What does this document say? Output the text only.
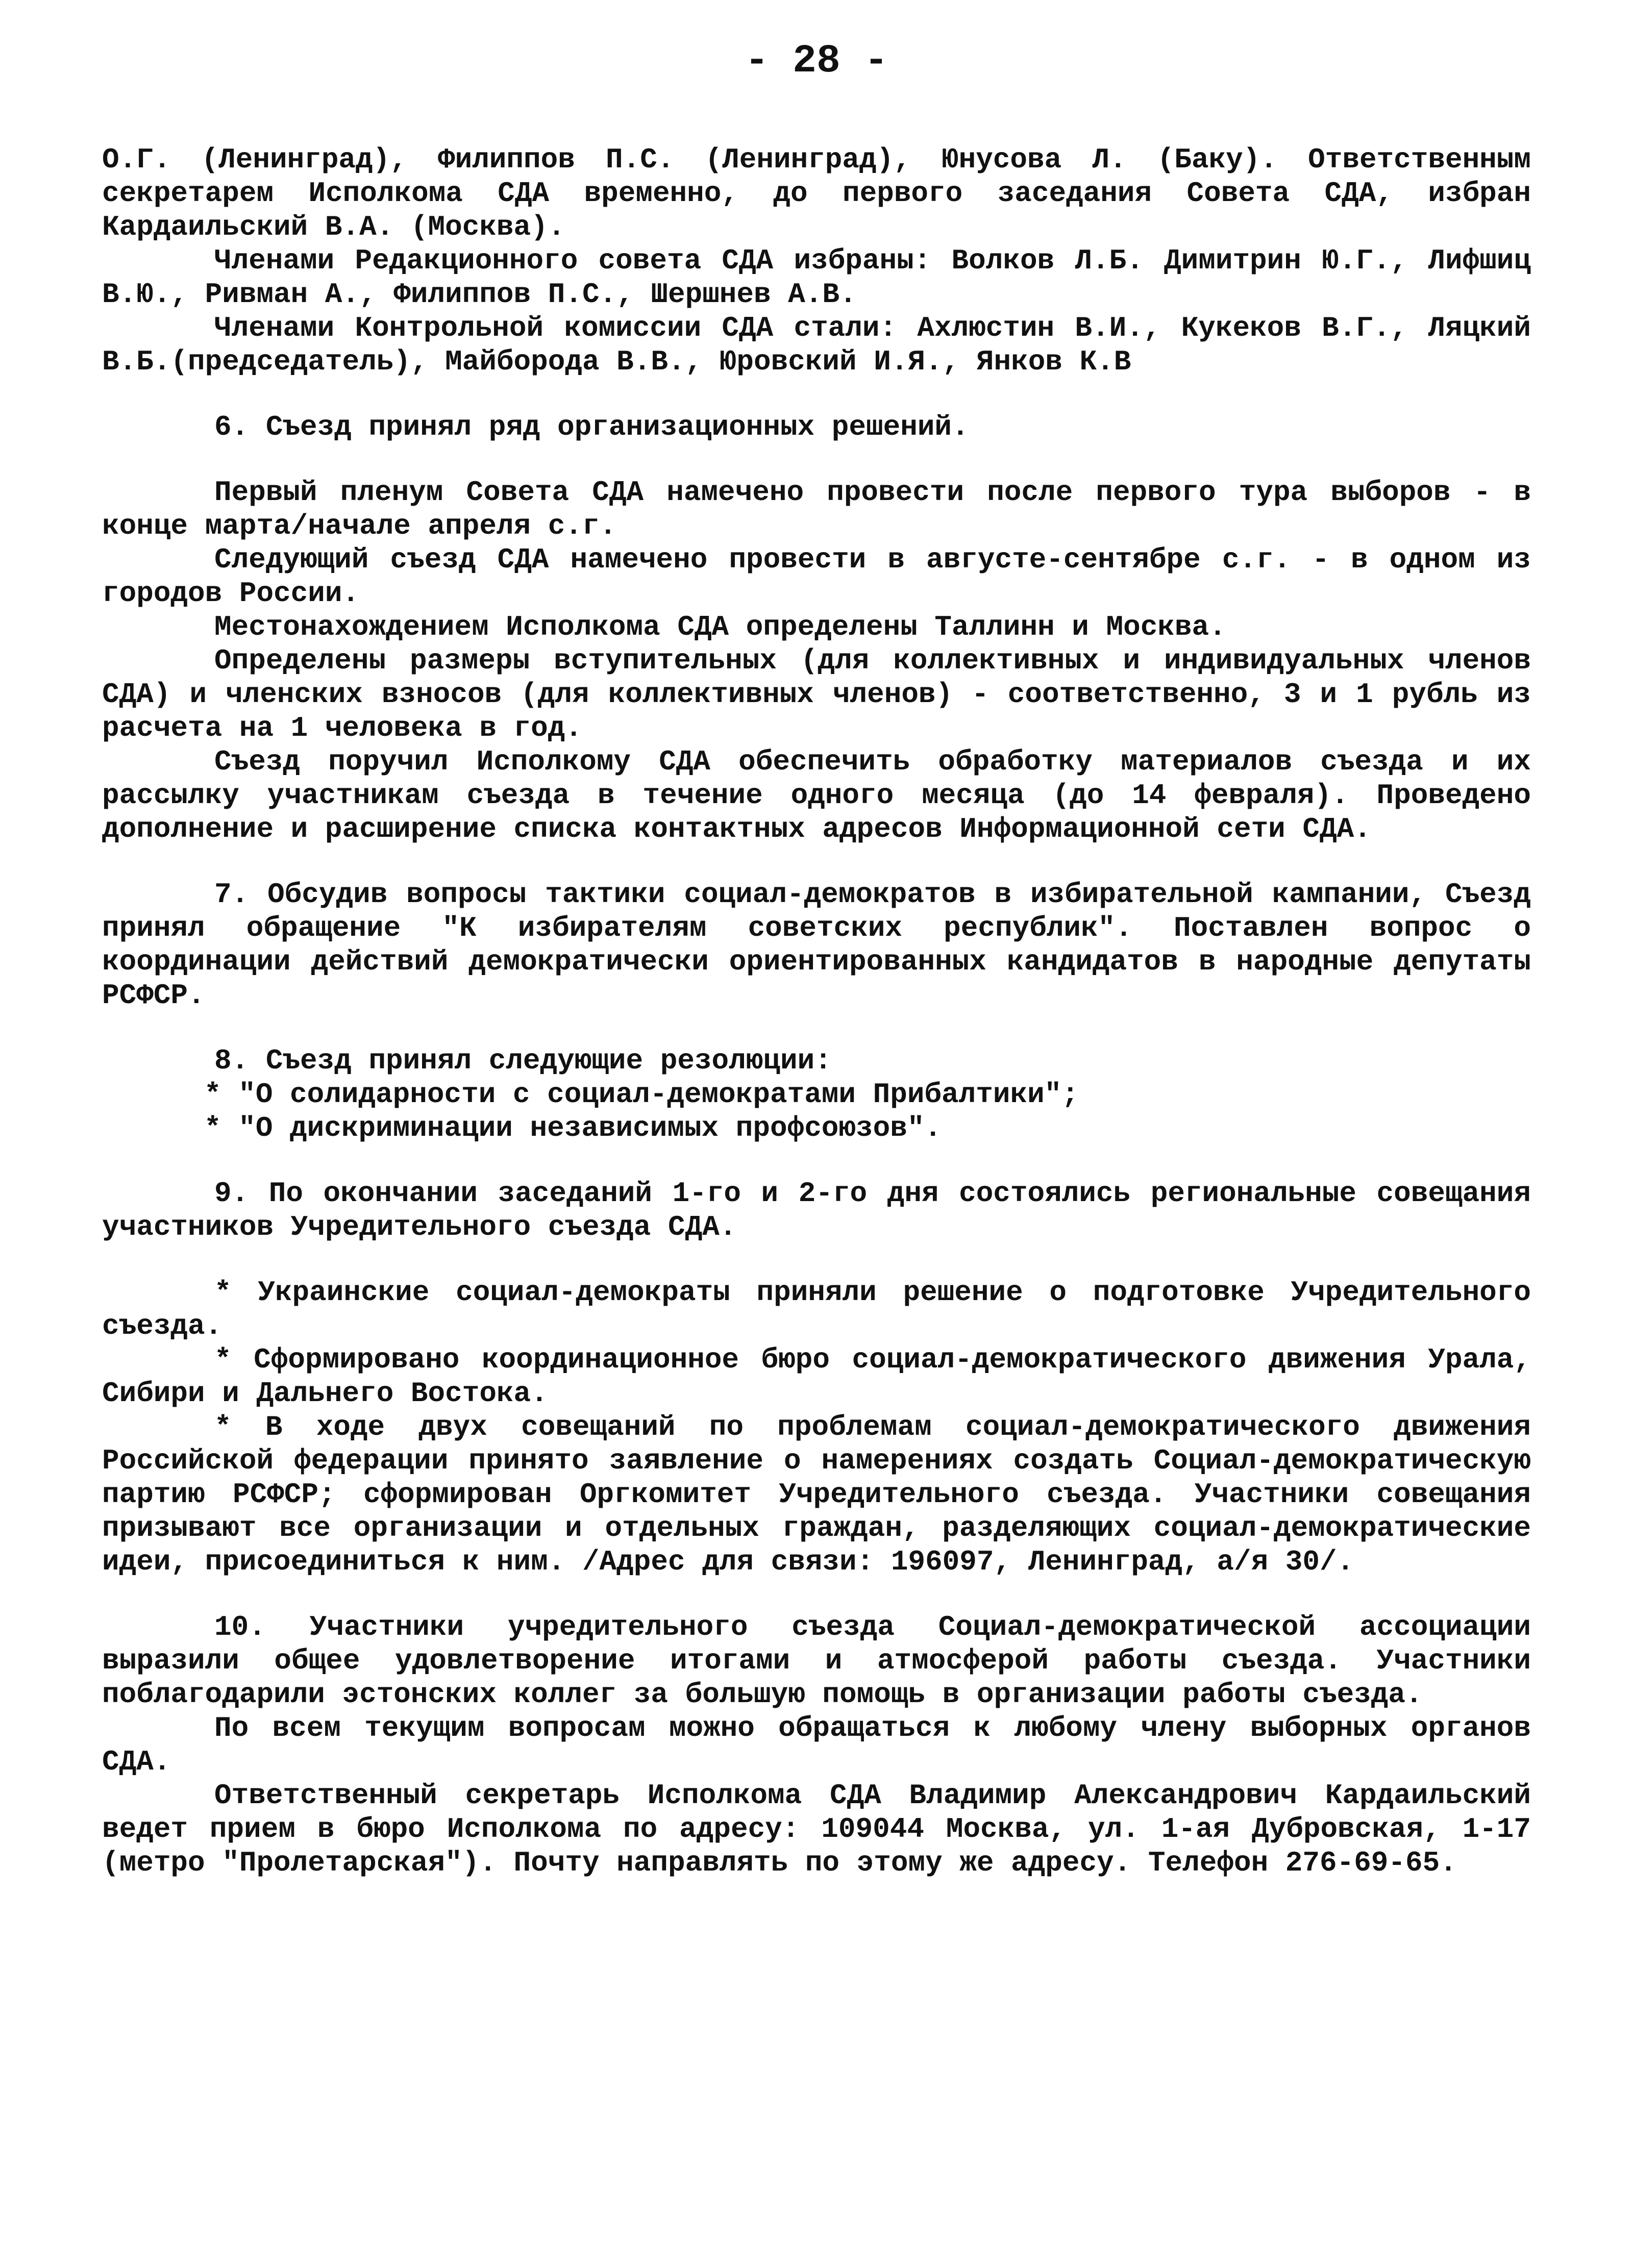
- 28 -

О.Г. (Ленинград), Филиппов П.С. (Ленинград), Юнусова Л. (Баку). Ответственным секретарем Исполкома СДА временно, до первого заседания Совета СДА, избран Кардаильский В.А. (Москва).

Членами Редакционного совета СДА избраны: Волков Л.Б. Димитрин Ю.Г., Лифшиц В.Ю., Ривман А., Филиппов П.С., Шершнев А.В.

Членами Контрольной комиссии СДА стали: Ахлюстин В.И., Кукеков В.Г., Ляцкий В.Б.(председатель), Майборода В.В., Юровский И.Я., Янков К.В

6. Съезд принял ряд организационных решений.

Первый пленум Совета СДА намечено провести после первого тура выборов - в конце марта/начале апреля с.г.

Следующий съезд СДА намечено провести в августе-сентябре с.г. - в одном из городов России.

Местонахождением Исполкома СДА определены Таллинн и Москва.

Определены размеры вступительных (для коллективных и индивидуальных членов СДА) и членских взносов (для коллективных членов) - соответственно, 3 и 1 рубль из расчета на 1 человека в год.

Съезд поручил Исполкому СДА обеспечить обработку материалов съезда и их рассылку участникам съезда в течение одного месяца (до 14 февраля). Проведено дополнение и расширение списка контактных адресов Информационной сети СДА.

7. Обсудив вопросы тактики социал-демократов в избирательной кампании, Съезд принял обращение "К избирателям советских республик". Поставлен вопрос о координации действий демократически ориентированных кандидатов в народные депутаты РСФСР.

8. Съезд принял следующие резолюции:

* "О солидарности с социал-демократами Прибалтики";

* "О дискриминации независимых профсоюзов".

9. По окончании заседаний 1-го и 2-го дня состоялись региональные совещания участников Учредительного съезда СДА.

* Украинские социал-демократы приняли решение о подготовке Учредительного съезда.

* Сформировано координационное бюро социал-демократического движения Урала, Сибири и Дальнего Востока.

* В ходе двух совещаний по проблемам социал-демократического движения Российской федерации принято заявление о намерениях создать Социал-демократическую партию РСФСР; сформирован Оргкомитет Учредительного съезда. Участники совещания призывают все организации и отдельных граждан, разделяющих социал-демократические идеи, присоединиться к ним. /Адрес для связи: 196097, Ленинград, а/я 30/.

10. Участники учредительного съезда Социал-демократической ассоциации выразили общее удовлетворение итогами и атмосферой работы съезда. Участники поблагодарили эстонских коллег за большую помощь в организации работы съезда.

По всем текущим вопросам можно обращаться к любому члену выборных органов СДА.

Ответственный секретарь Исполкома СДА Владимир Александрович Кардаильский ведет прием в бюро Исполкома по адресу: 109044 Москва, ул. 1-ая Дубровская, 1-17 (метро "Пролетарская"). Почту направлять по этому же адресу. Телефон 276-69-65.
